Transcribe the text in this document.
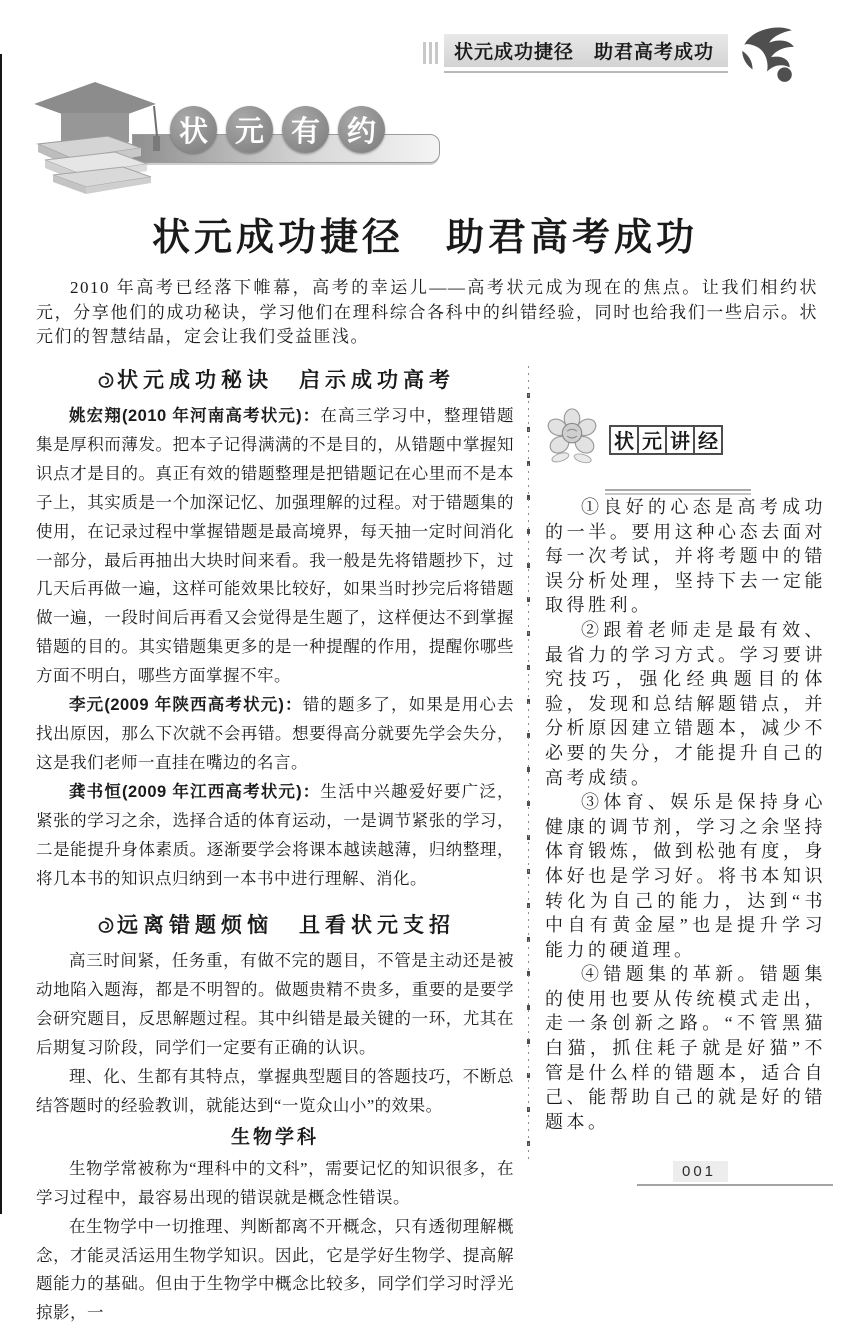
状元成功捷径　助君高考成功
状 元 有 约
状元成功捷径　助君高考成功

2010 年高考已经落下帷幕，高考的幸运儿——高考状元成为现在的焦点。让我们相约状元，分享他们的成功秘诀，学习他们在理科综合各科中的纠错经验，同时也给我们一些启示。状元们的智慧结晶，定会让我们受益匪浅。

状元成功秘诀　启示成功高考

姚宏翔(2010 年河南高考状元)：在高三学习中，整理错题集是厚积而薄发。把本子记得满满的不是目的，从错题中掌握知识点才是目的。真正有效的错题整理是把错题记在心里而不是本子上，其实质是一个加深记忆、加强理解的过程。对于错题集的使用，在记录过程中掌握错题是最高境界，每天抽一定时间消化一部分，最后再抽出大块时间来看。我一般是先将错题抄下，过几天后再做一遍，这样可能效果比较好，如果当时抄完后将错题做一遍，一段时间后再看又会觉得是生题了，这样便达不到掌握错题的目的。其实错题集更多的是一种提醒的作用，提醒你哪些方面不明白，哪些方面掌握不牢。

李元(2009 年陕西高考状元)：错的题多了，如果是用心去找出原因，那么下次就不会再错。想要得高分就要先学会失分，这是我们老师一直挂在嘴边的名言。

龚书恒(2009 年江西高考状元)：生活中兴趣爱好要广泛，紧张的学习之余，选择合适的体育运动，一是调节紧张的学习，二是能提升身体素质。逐渐要学会将课本越读越薄，归纳整理，将几本书的知识点归纳到一本书中进行理解、消化。

远离错题烦恼　且看状元支招

高三时间紧，任务重，有做不完的题目，不管是主动还是被动地陷入题海，都是不明智的。做题贵精不贵多，重要的是要学会研究题目，反思解题过程。其中纠错是最关键的一环，尤其在后期复习阶段，同学们一定要有正确的认识。

理、化、生都有其特点，掌握典型题目的答题技巧，不断总结答题时的经验教训，就能达到“一览众山小”的效果。

生物学科

生物学常被称为“理科中的文科”，需要记忆的知识很多，在学习过程中，最容易出现的错误就是概念性错误。

在生物学中一切推理、判断都离不开概念，只有透彻理解概念，才能灵活运用生物学知识。因此，它是学好生物学、提高解题能力的基础。但由于生物学中概念比较多，同学们学习时浮光掠影，一

状 元 讲 经

①良好的心态是高考成功的一半。要用这种心态去面对每一次考试，并将考题中的错误分析处理，坚持下去一定能取得胜利。

②跟着老师走是最有效、最省力的学习方式。学习要讲究技巧，强化经典题目的体验，发现和总结解题错点，并分析原因建立错题本，减少不必要的失分，才能提升自己的高考成绩。

③体育、娱乐是保持身心健康的调节剂，学习之余坚持体育锻炼，做到松弛有度，身体好也是学习好。将书本知识转化为自己的能力，达到“书中自有黄金屋”也是提升学习能力的硬道理。

④错题集的革新。错题集的使用也要从传统模式走出，走一条创新之路。“不管黑猫白猫，抓住耗子就是好猫”不管是什么样的错题本，适合自己、能帮助自己的就是好的错题本。

001
